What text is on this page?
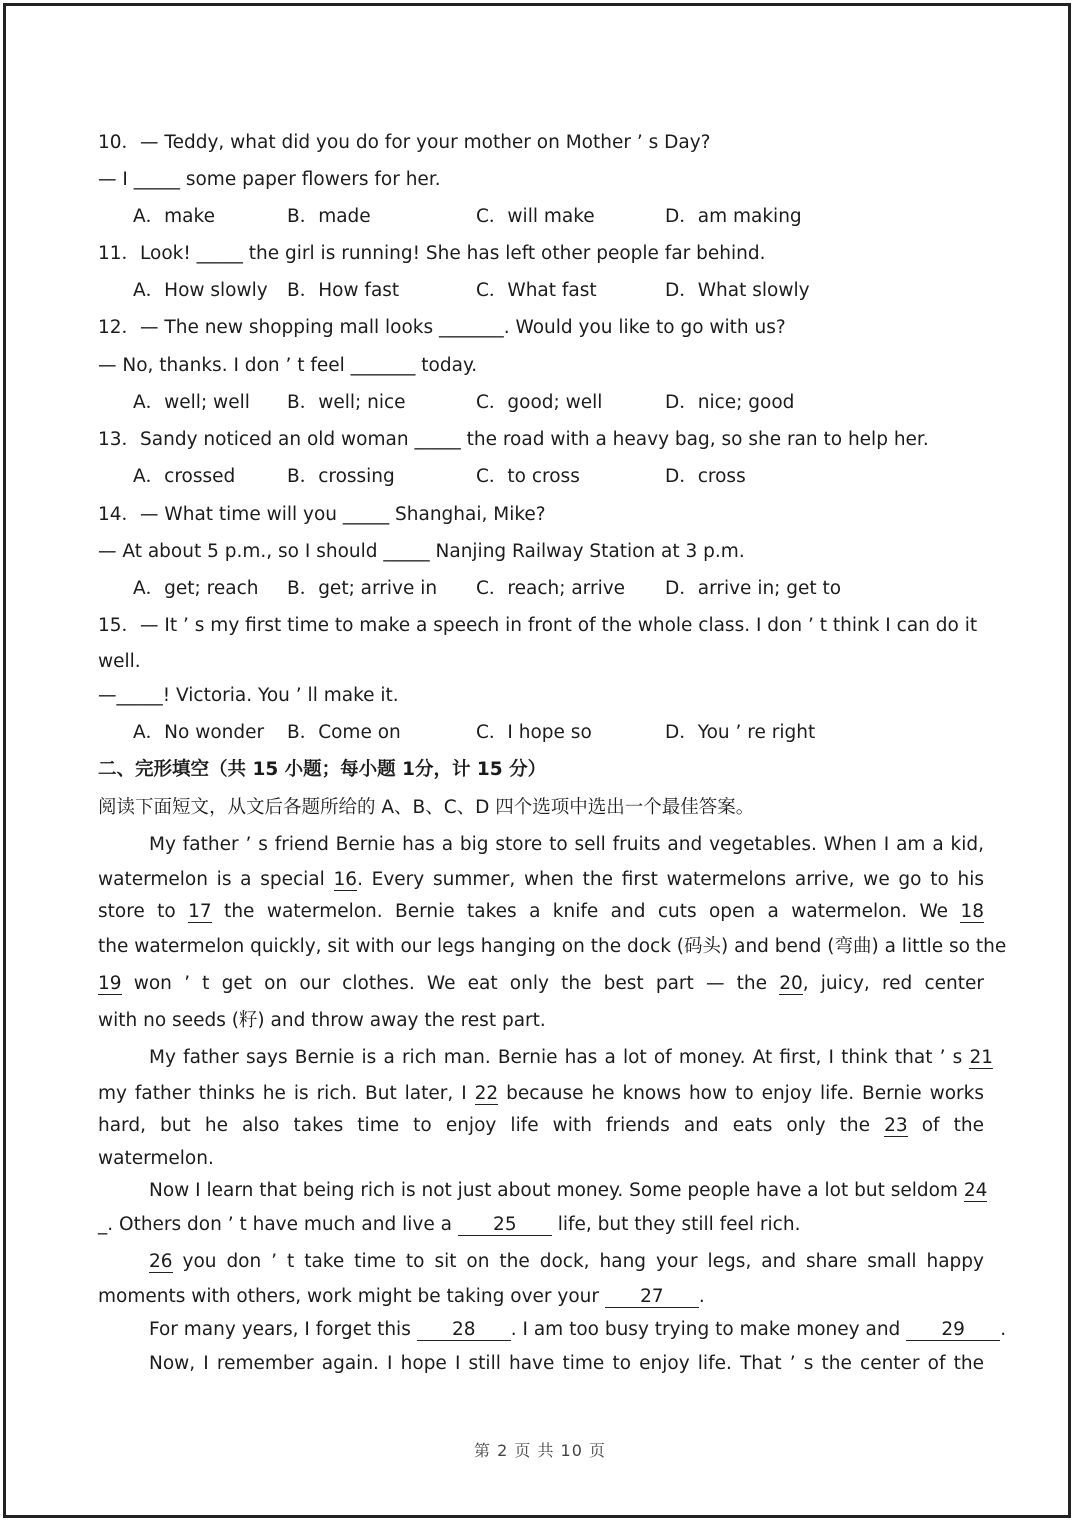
10．— Teddy, what did you do for your mother on Mother ’ s Day?
— I _____ some paper flowers for her.
A．make	B．made	C．will make	D．am making
11．Look! _____ the girl is running! She has left other people far behind.
A．How slowly B．How fast	C．What fast	D．What slowly
12．— The new shopping mall looks _______. Would you like to go with us?
— No, thanks. I don ’ t feel _______ today.
A．well; well B．well; nice	C．good; well	D．nice; good
13．Sandy noticed an old woman _____ the road with a heavy bag, so she ran to help her.
A．crossed	B．crossing	C．to cross	D．cross
14．— What time will you _____ Shanghai, Mike?
— At about 5 p.m., so I should _____ Nanjing Railway Station at 3 p.m.
A．get; reach B．get; arrive in C．reach; arrive D．arrive in; get to
15．— It ’ s my first time to make a speech in front of the whole class. I don ’ t think I can do it
well.
—_____! Victoria. You ’ ll make it.
A．No wonder B．Come on	C．I hope so	D．You ’ re right
二、完形填空（共 15 小题；每小题 1分，计 15 分）
阅读下面短文，从文后各题所给的 A、B、C、D 四个选项中选出一个最佳答案。
My father ’ s friend Bernie has a big store to sell fruits and vegetables. When I am a kid,
watermelon is a special 16. Every summer, when the first watermelons arrive, we go to his
store to 17 the watermelon. Bernie takes a knife and cuts open a watermelon. We 18
the watermelon quickly, sit with our legs hanging on the dock (码头) and bend (弯曲) a little so the
19 won ’ t get on our clothes. We eat only the best part — the 20, juicy, red center
with no seeds (籽) and throw away the rest part.
My father says Bernie is a rich man. Bernie has a lot of money. At first, I think that ’ s 21
my father thinks he is rich. But later, I 22 because he knows how to enjoy life. Bernie works
hard, but he also takes time to enjoy life with friends and eats only the 23 of the
watermelon.
Now I learn that being rich is not just about money. Some people have a lot but seldom 24
_. Others don ’ t have much and live a 25 life, but they still feel rich.
26 you don ’ t take time to sit on the dock, hang your legs, and share small happy
moments with others, work might be taking over your 27 .
For many years, I forget this 28 . I am too busy trying to make money and 29 .
Now, I remember again. I hope I still have time to enjoy life. That ’ s the center of the
第 2 页 共 10 页
